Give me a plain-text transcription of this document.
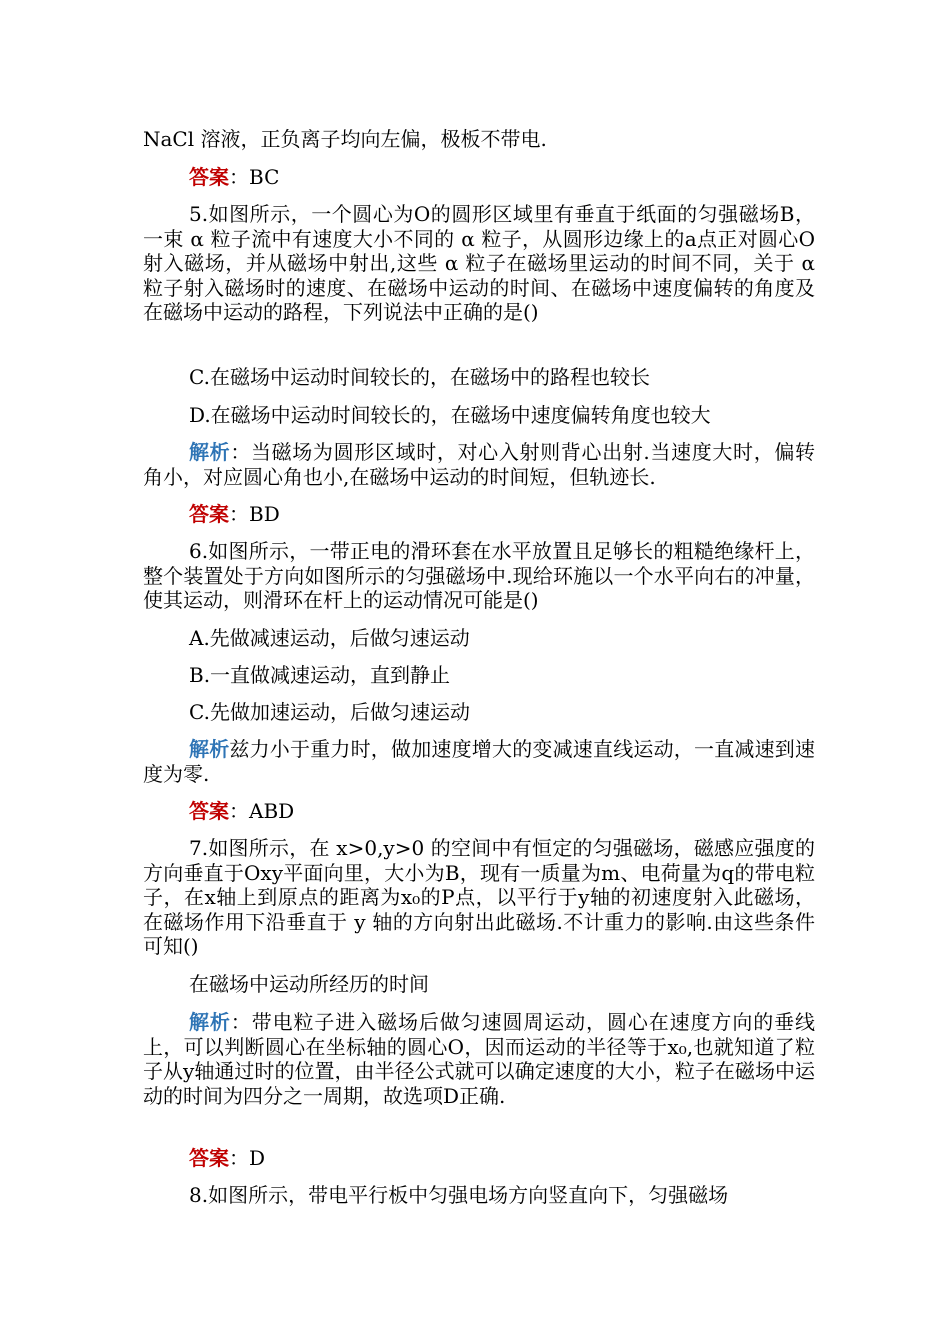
NaCl 溶液，正负离子均向左偏，极板不带电.

答案：BC

5.如图所示，一个圆心为O的圆形区域里有垂直于纸面的匀强磁场B，一束 α 粒子流中有速度大小不同的 α 粒子，从圆形边缘上的a点正对圆心O射入磁场，并从磁场中射出,这些 α 粒子在磁场里运动的时间不同，关于 α 粒子射入磁场时的速度、在磁场中运动的时间、在磁场中速度偏转的角度及在磁场中运动的路程，下列说法中正确的是()

C.在磁场中运动时间较长的，在磁场中的路程也较长

D.在磁场中运动时间较长的，在磁场中速度偏转角度也较大

解析：当磁场为圆形区域时，对心入射则背心出射.当速度大时，偏转角小，对应圆心角也小,在磁场中运动的时间短，但轨迹长.

答案：BD

6.如图所示，一带正电的滑环套在水平放置且足够长的粗糙绝缘杆上，整个装置处于方向如图所示的匀强磁场中.现给环施以一个水平向右的冲量，使其运动，则滑环在杆上的运动情况可能是()

A.先做减速运动，后做匀速运动

B.一直做减速运动，直到静止

C.先做加速运动，后做匀速运动

解析兹力小于重力时，做加速度增大的变减速直线运动，一直减速到速度为零.

答案：ABD

7.如图所示，在 x>0,y>0 的空间中有恒定的匀强磁场，磁感应强度的方向垂直于Oxy平面向里，大小为B，现有一质量为m、电荷量为q的带电粒子，在x轴上到原点的距离为x₀的P点，以平行于y轴的初速度射入此磁场，在磁场作用下沿垂直于 y 轴的方向射出此磁场.不计重力的影响.由这些条件可知()

在磁场中运动所经历的时间

解析：带电粒子进入磁场后做匀速圆周运动，圆心在速度方向的垂线上，可以判断圆心在坐标轴的圆心O，因而运动的半径等于x₀,也就知道了粒子从y轴通过时的位置，由半径公式就可以确定速度的大小，粒子在磁场中运动的时间为四分之一周期，故选项D正确.

答案：D

8.如图所示，带电平行板中匀强电场方向竖直向下，匀强磁场
